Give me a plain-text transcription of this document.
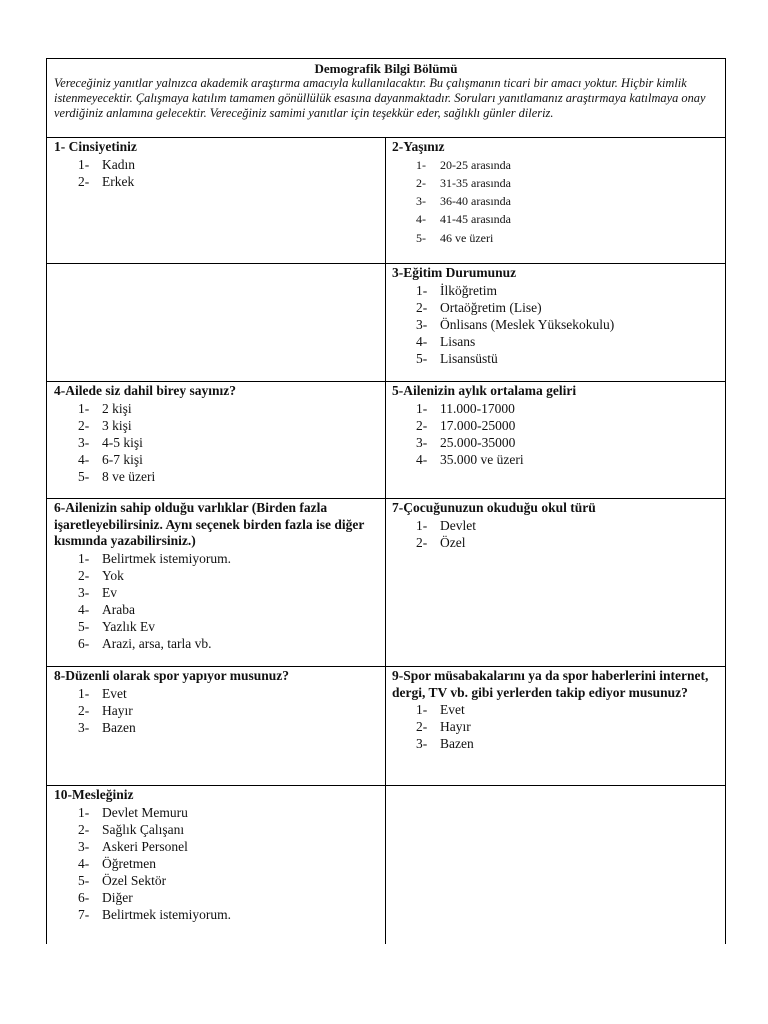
Demografik Bilgi Bölümü
Vereceğiniz yanıtlar yalnızca akademik araştırma amacıyla kullanılacaktır. Bu çalışmanın ticari bir amacı yoktur. Hiçbir kimlik istenmeyecektir. Çalışmaya katılım tamamen gönüllülük esasına dayanmaktadır. Soruları yanıtlamanız araştırmaya katılmaya onay verdiğiniz anlamına gelecektir. Vereceğiniz samimi yanıtlar için teşekkür eder, sağlıklı günler dileriz.
1- Cinsiyetiniz
1- Kadın
2- Erkek
2-Yaşınız
1-	20-25 arasında
2-	31-35 arasında
3-	36-40 arasında
4-	41-45 arasında
5-	46 ve üzeri
3-Eğitim Durumunuz
1- İlköğretim
2- Ortaöğretim (Lise)
3- Önlisans (Meslek Yüksekokulu)
4- Lisans
5- Lisansüstü
4-Ailede siz dahil birey sayınız?
1- 2 kişi
2- 3 kişi
3- 4-5 kişi
4- 6-7 kişi
5- 8 ve üzeri
5-Ailenizin aylık ortalama geliri
1- 11.000-17000
2- 17.000-25000
3- 25.000-35000
4- 35.000 ve üzeri
6-Ailenizin sahip olduğu varlıklar (Birden fazla işaretleyebilirsiniz. Aynı seçenek birden fazla ise diğer kısmında yazabilirsiniz.)
1- Belirtmek istemiyorum.
2- Yok
3- Ev
4- Araba
5- Yazlık Ev
6- Arazi, arsa, tarla vb.
7-Çocuğunuzun okuduğu okul türü
1- Devlet
2- Özel
8-Düzenli olarak spor yapıyor musunuz?
1- Evet
2- Hayır
3- Bazen
9-Spor müsabakalarını ya da spor haberlerini internet, dergi, TV vb. gibi yerlerden takip ediyor musunuz?
1- Evet
2- Hayır
3- Bazen
10-Mesleğiniz
1- Devlet Memuru
2- Sağlık Çalışanı
3- Askeri Personel
4- Öğretmen
5- Özel Sektör
6- Diğer
7- Belirtmek istemiyorum.
